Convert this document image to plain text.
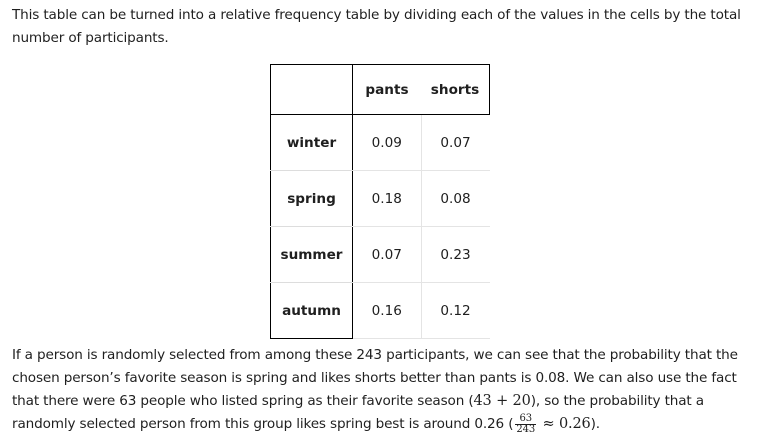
This table can be turned into a relative frequency table by dividing each of the values in the cells by the total number of participants.

	pants	shorts
winter	0.09	0.07
spring	0.18	0.08
summer	0.07	0.23
autumn	0.16	0.12

If a person is randomly selected from among these 243 participants, we can see that the probability that the chosen person’s favorite season is spring and likes shorts better than pants is 0.08. We can also use the fact that there were 63 people who listed spring as their favorite season (43 + 20), so the probability that a randomly selected person from this group likes spring best is around 0.26 ( $\frac{63}{243} \approx 0.26$).
